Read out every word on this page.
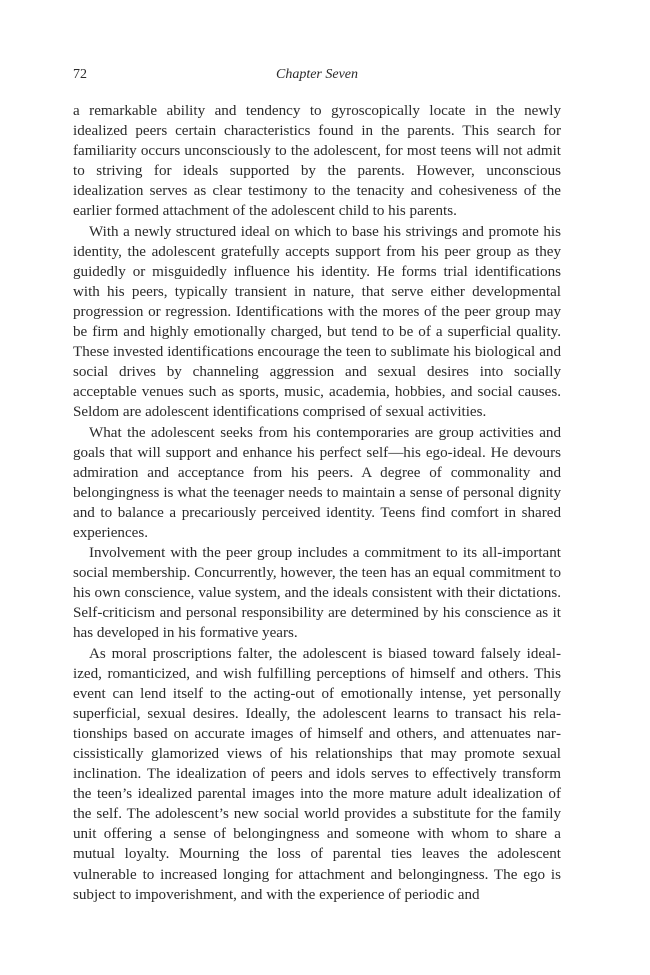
72	Chapter Seven

a remarkable ability and tendency to gyroscopically locate in the newly idealized peers certain characteristics found in the parents. This search for familiarity occurs unconsciously to the adolescent, for most teens will not admit to striving for ideals supported by the parents. However, unconscious idealization serves as clear testimony to the tenacity and cohesiveness of the earlier formed attachment of the adolescent child to his parents.

With a newly structured ideal on which to base his strivings and promote his identity, the adolescent gratefully accepts support from his peer group as they guidedly or misguidedly influence his identity. He forms trial identifications with his peers, typically transient in nature, that serve either developmental progression or regression. Identifications with the mores of the peer group may be firm and highly emotionally charged, but tend to be of a superficial quality. These invested identifications encourage the teen to sublimate his biological and social drives by channeling aggression and sexual desires into socially acceptable venues such as sports, music, academia, hobbies, and social causes. Seldom are adolescent identifications comprised of sexual activities.

What the adolescent seeks from his contemporaries are group activities and goals that will support and enhance his perfect self—his ego-ideal. He devours admiration and acceptance from his peers. A degree of commonality and belongingness is what the teenager needs to maintain a sense of personal dignity and to balance a precariously perceived identity. Teens find comfort in shared experiences.

Involvement with the peer group includes a commitment to its all-important social membership. Concurrently, however, the teen has an equal commitment to his own conscience, value system, and the ideals consistent with their dictations. Self-criticism and personal responsibility are determined by his conscience as it has developed in his formative years.

As moral proscriptions falter, the adolescent is biased toward falsely idealized, romanticized, and wish fulfilling perceptions of himself and others. This event can lend itself to the acting-out of emotionally intense, yet personally superficial, sexual desires. Ideally, the adolescent learns to transact his relationships based on accurate images of himself and others, and attenuates narcissistically glamorized views of his relationships that may promote sexual inclination. The idealization of peers and idols serves to effectively transform the teen’s idealized parental images into the more mature adult idealization of the self. The adolescent’s new social world provides a substitute for the family unit offering a sense of belongingness and someone with whom to share a mutual loyalty. Mourning the loss of parental ties leaves the adolescent vulnerable to increased longing for attachment and belongingness. The ego is subject to impoverishment, and with the experience of periodic and
